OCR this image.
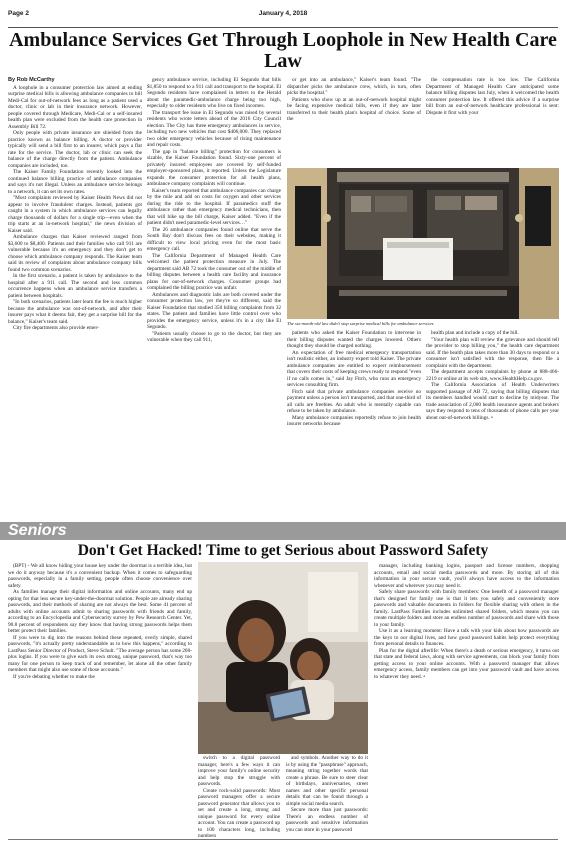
Page 2	January 4, 2018
Ambulance Services Get Through Loophole in New Health Care Law
By Rob McCarthy

A loophole in a consumer protection law aimed at ending surprise medical bills is allowing ambulance companies to bill Medi-Cal for out-of-network fees as long as a patient used a doctor, clinic or lab in their insurance network. However, people covered through Medicare, Medi-Cal or a self-insured health plan were excluded from the health care protection in Assembly Bill 72.

Only people with private insurance are shielded from the practice known as balance billing. A doctor or provider typically will send a bill first to an insurer, which pays a flat rate for the service. The doctor, lab or clinic can seek the balance of the charge directly from the patient. Ambulance companies are included, too.

The Kaiser Family Foundation recently looked into the continued balance billing practice of ambulance companies and says it's not illegal. Unless an ambulance service belongs to a network, it can set its own rates.

"Most complaints reviewed by Kaiser Health News did not appear to involve fraudulent charges. Instead, patients got caught in a system in which ambulance services can legally charge thousands of dollars for a single trip—even when the trip starts at an in-network hospital," the news division of Kaiser said.

Ambulance charges that Kaiser reviewed ranged from $3,600 to $8,400. Patients and their families who call 911 are vulnerable because it's an emergency and they don't get to choose which ambulance company responds. The Kaiser team said its review of complaints about ambulance company bills found two common scenarios.

In the first scenario, a patient is taken by ambulance to the hospital after a 911 call. The second and less common occurrence happens when an ambulance service transfers a patient between hospitals.

"In both scenarios, patients later learn the fee is much higher because the ambulance was out-of-network, and after their insurer pays what it deems fair, they get a surprise bill for the balance," Kaiser's team said.

City fire departments also provide emer-

gency ambulance service, including El Segundo that bills $1,850 to respond to a 911 call and transport to the hospital. El Segundo residents have complained in letters to the Herald about the paramedic-ambulance charge being too high, especially to older residents who live on fixed incomes.

The transport fee issue in El Segundo was raised by several residents who wrote letters ahead of the 2016 City Council election. The City has three emergency ambulances in service, including two new vehicles that cost $406,000. They replaced two older emergency vehicles because of rising maintenance and repair costs.

The gap in "balance billing" protection for consumers is sizable, the Kaiser Foundation found. Sixty-one percent of privately insured employees are covered by self-funded employer-sponsored plans, it reported. Unless the Legislature expands the consumer protection for all health plans, ambulance company complaints will continue.

Kaiser's team reported that ambulance companies can charge by the mile and add on costs for oxygen and other services during the ride to the hospital. If paramedics stuff the ambulance rather than emergency medical technicians, then that will hike up the bill charge, Kaiser added. "Even if the patient didn't need paramedic-level services…"

The 26 ambulance companies found online that serve the South Bay don't discuss fees on their websites, making it difficult to view local pricing even for the most basic emergency call.

The California Department of Managed Health Care welcomed the patient protection measure in July. The department said AB 72 took the consumer out of the middle of billing disputes between a health care facility and insurance plans for out-of-network charges. Consumer groups had complained the billing practice was unfair.

Ambulances and diagnostic labs are both covered under the consumer protection law, yet they're so different, said the Kaiser Foundation that studied 350 billing complaints from 32 states. The patient and families have little control over who provides the emergency service, unless it's in a city like El Segundo.

"Patients usually choose to go to the doctor, but they are vulnerable when they call 911,

or get into an ambulance," Kaiser's team found. "The dispatcher picks the ambulance crew, which, in turn, often picks the hospital."

Patients who show up at an out-of-network hospital might be facing expensive medical bills, even if they are later transferred to their health plan's hospital of choice. Some of the

the compensation rate is too low. The California Department of Managed Health Care anticipated some balance billing disputes last July, when it welcomed the health consumer protection law. It offered this advice if a surprise bill from an out-of-network healthcare professional is sent: Dispute it first with your

The six-month-old law didn't stop surprise medical bills for ambulance services.

patients who asked the Kaiser Foundation to intervene in their billing disputes wanted the charges lowered. Others thought they should be charged nothing.

An expectation of free medical emergency transportation isn't realistic either, an industry expert told Kaiser. The private ambulance companies are entitled to expect reimbursement that covers their costs of keeping crews ready to respond "even if no calls comes in," said Jay Fitch, who runs an emergency services consulting firm.

Fitch said that private ambulance companies receive no payment unless a person isn't transported, and that one-third of all calls are freebies. An adult who is mentally capable can refuse to be taken by ambulance.

Many ambulance companies reportedly refuse to join health insurer networks because

health plan and include a copy of the bill.

"Your health plan will review the grievance and should tell the provider to stop billing you," the health care department said. If the health plan takes more than 30 days to respond or a consumer isn't satisfied with the response, then file a complaint with the department.

The department accepts complaints by phone at 888-466-2219 or online at its web site, www.HealthHelp.ca.gov.

The California Association of Health Underwriters supported passage of AB 72, saying that billing disputes that its members handled would start to decline by midyear. The trade association of 2,000 health insurance agents and brokers says they respond to tens of thousands of phone calls per year about out-of-network billings. •

Seniors
Don't Get Hacked! Time to get Serious about Password Safety

(BPT) - We all know hiding your house key under the doormat is a terrible idea, but we do it anyway because it's a convenient backup. When it comes to safeguarding passwords, especially in a family setting, people often choose convenience over safety.

As families manage their digital information and online accounts, many end up opting for that less secure key-under-the-doormat solution. People are already sharing passwords, and their methods of sharing are not always the best. Some 41 percent of adults with online accounts admit to sharing passwords with friends and family, according to an Encyclopedia and Cybersecurity survey by Pew Research Center. Yet, 90.8 percent of respondents say they know that having strong passwords helps them better protect their families.

If you were to dig into the reasons behind these repeated, overly simple, shared passwords, "it's actually pretty understandable as to how this happens," according to LastPass Senior Director of Product, Steve Schult. "The average person has some 200-plus logins. If you were to give each its own strong, unique password, that's way too many for one person to keep track of and remember, let alone all the other family members that might also use some of those accounts."

If you're debating whether to make the

switch to a digital password manager, here's a few ways it can improve your family's online security and help stop the struggle with passwords.

Create rock-solid passwords: Most password managers offer a secure password generator that allows you to set and create a long, strong and unique password for every online account. You can create a password up to 100 characters long, including numbers

and symbols. Another way to do it is by using the "passphrase" approach, meaning string together words that create a phrase. Be sure to steer clear of birthdays, anniversaries, street names and other specific personal details that can be found through a simple social media search.

Secure more than just passwords: There's an endless number of passwords and sensitive information you can store in your password

manager, including banking logins, passport and license numbers, shopping accounts, email and social media passwords and more. By storing all of this information in your secure vault, you'll always have access to the information whenever and wherever you may need it.

Safely share passwords with family members: One benefit of a password manager that's designed for family use is that it lets you safely and conveniently store passwords and valuable documents in folders for flexible sharing with others in the family. LastPass Families includes unlimited shared folders, which means you can create multiple folders and store an endless number of passwords and share with those in your family.

Use it as a learning moment: Have a talk with your kids about how passwords are the keys to our digital lives, and how good password habits help protect everything from personal details to finances.

Plan for the digital afterlife: When there's a death or serious emergency, it turns out that state and federal laws, along with service agreements, can block your family from getting access to your online accounts. With a password manager that allows emergency access, family members can get into your password vault and have access to whatever they need. •
